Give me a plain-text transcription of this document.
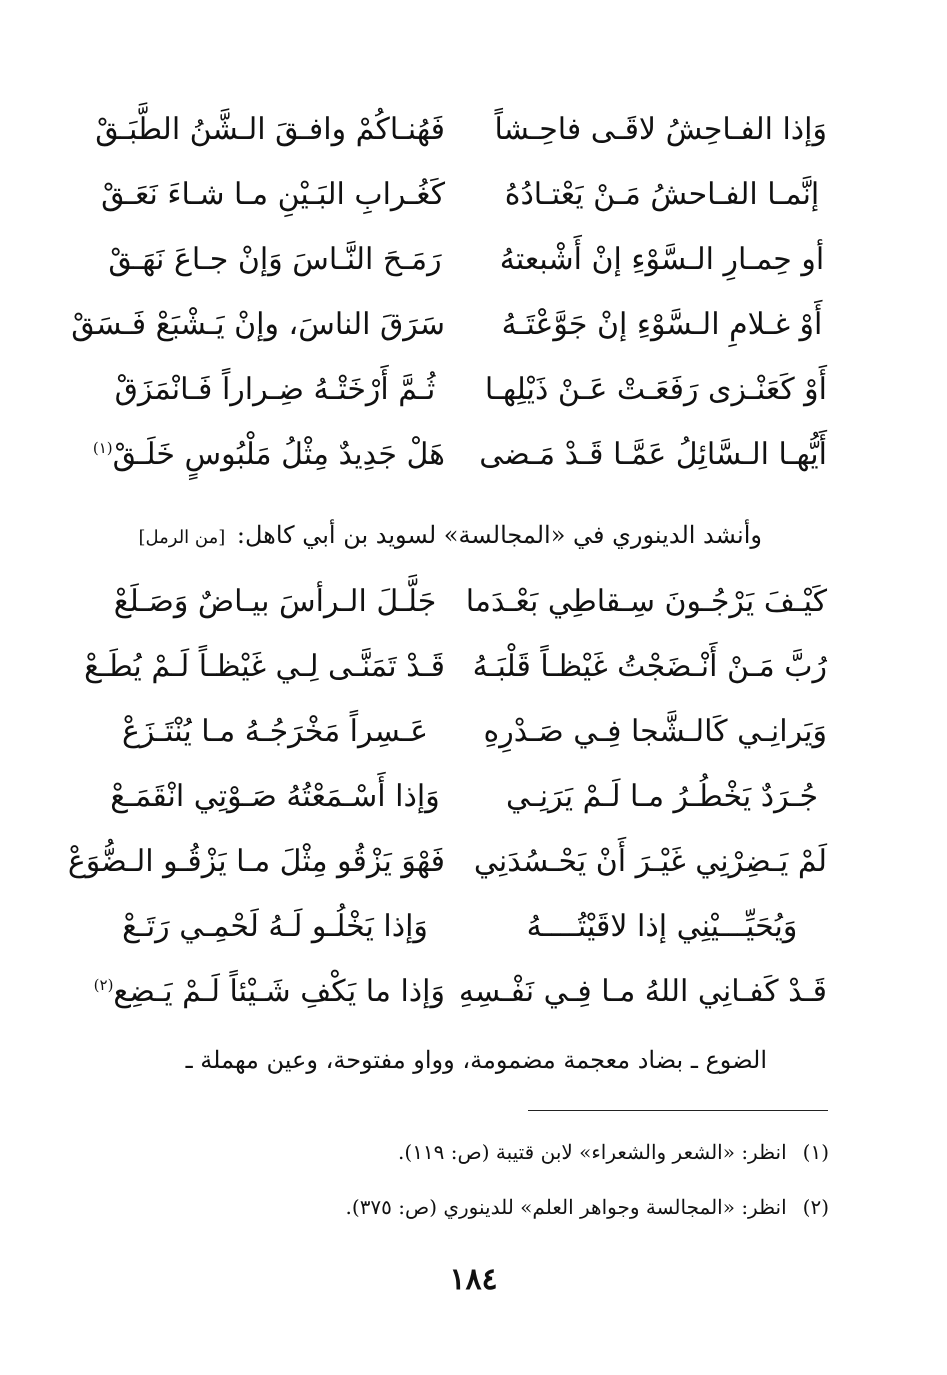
وَإذا الفـاحِشُ لاقَـى فاحِـشاً
فَهُنـاكُمْ وافـقَ الـشَّنُ الطَّبَـقْ
إنَّمـا الفـاحشُ مَـنْ يَعْتـادُهُ
كَغُـرابِ البَـيْنِ مـا شـاءَ نَعَـقْ
أو حِمـارِ الـسَّوْءِ إنْ أَشْبعتهُ
رَمَـحَ النَّـاسَ وَإنْ جـاعَ نَهَـقْ
أَوْ غـلامِ الـسَّوْءِ إنْ جَوَّعْتَـهُ
سَرَقَ الناسَ، وإنْ يَـشْبَعْ فَـسَقْ
أَوْ كَعَنْـزى رَفَعَـتْ عَـنْ ذَيْلِهـا
ثُـمَّ أَرْخَتْـهُ ضِـراراً فَـانْمَزَقْ
أَيُّهـا الـسَّائِلُ عَمَّـا قَـدْ مَـضى
هَلْ جَدِيدٌ مِثْلُ مَلْبُوسٍ خَلَـقْ$^{(١)}$
وأنشد الدينوري في «المجالسة» لسويد بن أبي كاهل: [من الرمل]
كَيْـفَ يَرْجُـونَ سِـقاطِي بَعْـدَما
جَلَّـلَ الـرأسَ بيـاضٌ وَصَـلَعْ
رُبَّ مَـنْ أَنْـضَجْتُ غَيْظـاً قَلْبَـهُ
قَـدْ تَمَنَّـى لِـي غَيْظـاً لَـمْ يُطَـعْ
وَيَرانِـي كَالـشَّجا فِـي صَـدْرِهِ
عَـسِراً مَخْرَجُـهُ مـا يُنْتَـزَعْ
جُـرَدٌ يَخْطُـرُ مـا لَـمْ يَرَنِـي
وَإذا أَسْـمَعْتُهُ صَـوْتِي انْقَمَـعْ
لَمْ يَـضِرْنِي غَيْـرَ أَنْ يَحْـسُدَنِي
فَهْوَ يَزْقُو مِثْلَ مـا يَزْقُـو الـضُّوَعْ
وَيُحَيِّـــيْنِي إذا لاقَيْتُــــهُ
وَإذا يَخْلُـو لَـهُ لَحْمِـي رَتَـعْ
قَـدْ كَفـانِي اللهُ مـا فِـي نَفْـسِهِ
وَإذا ما يَكْفِ شَـيْئاً لَـمْ يَـضِع$^{(٢)}$
الضوع ـ بضاد معجمة مضمومة، وواو مفتوحة، وعين مهملة ـ
(١)انظر: «الشعر والشعراء» لابن قتيبة (ص: ١١٩).
(٢)انظر: «المجالسة وجواهر العلم» للدينوري (ص: ٣٧٥).
١٨٤
